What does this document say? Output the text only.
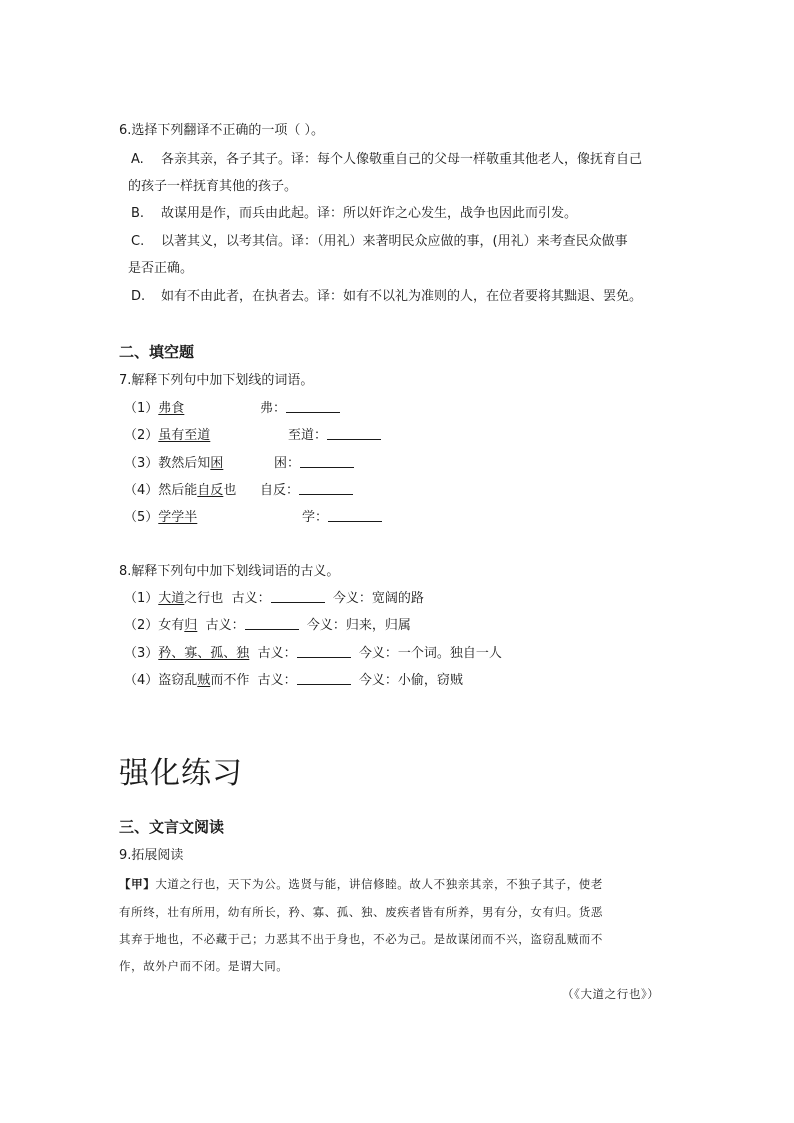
6.选择下列翻译不正确的一项（ ）。
A. 各亲其亲，各子其子。译：每个人像敬重自己的父母一样敬重其他老人，像抚育自己
的孩子一样抚育其他的孩子。
B. 故谋用是作，而兵由此起。译：所以奸诈之心发生，战争也因此而引发。
C. 以著其义，以考其信。译：（用礼）来著明民众应做的事，(用礼）来考查民众做事
是否正确。
D. 如有不由此者，在执者去。译：如有不以礼为准则的人，在位者要将其黜退、罢免。
二、填空题
7.解释下列句中加下划线的词语。
（1）弗食	弗：
（2）虽有至道	至道：
（3）教然后知困	困：
（4）然后能自反也 自反：
（5）学学半	学：
8.解释下列句中加下划线词语的古义。
（1）大道之行也 古义：	今义：宽阔的路
（2）女有归 古义：	今义：归来，归属
（3）矜、寡、孤、独 古义：	今义：一个词。独自一人
（4）盗窃乱贼而不作 古义：	今义：小偷，窃贼
强化练习
三、文言文阅读
9.拓展阅读
【甲】大道之行也，天下为公。选贤与能，讲信修睦。故人不独亲其亲，不独子其子，使老
有所终，壮有所用，幼有所长，矜、寡、孤、独、废疾者皆有所养，男有分，女有归。货恶
其弃于地也，不必藏于己；力恶其不出于身也，不必为己。是故谋闭而不兴，盗窃乱贼而不
作，故外户而不闭。是谓大同。
（《大道之行也》）
